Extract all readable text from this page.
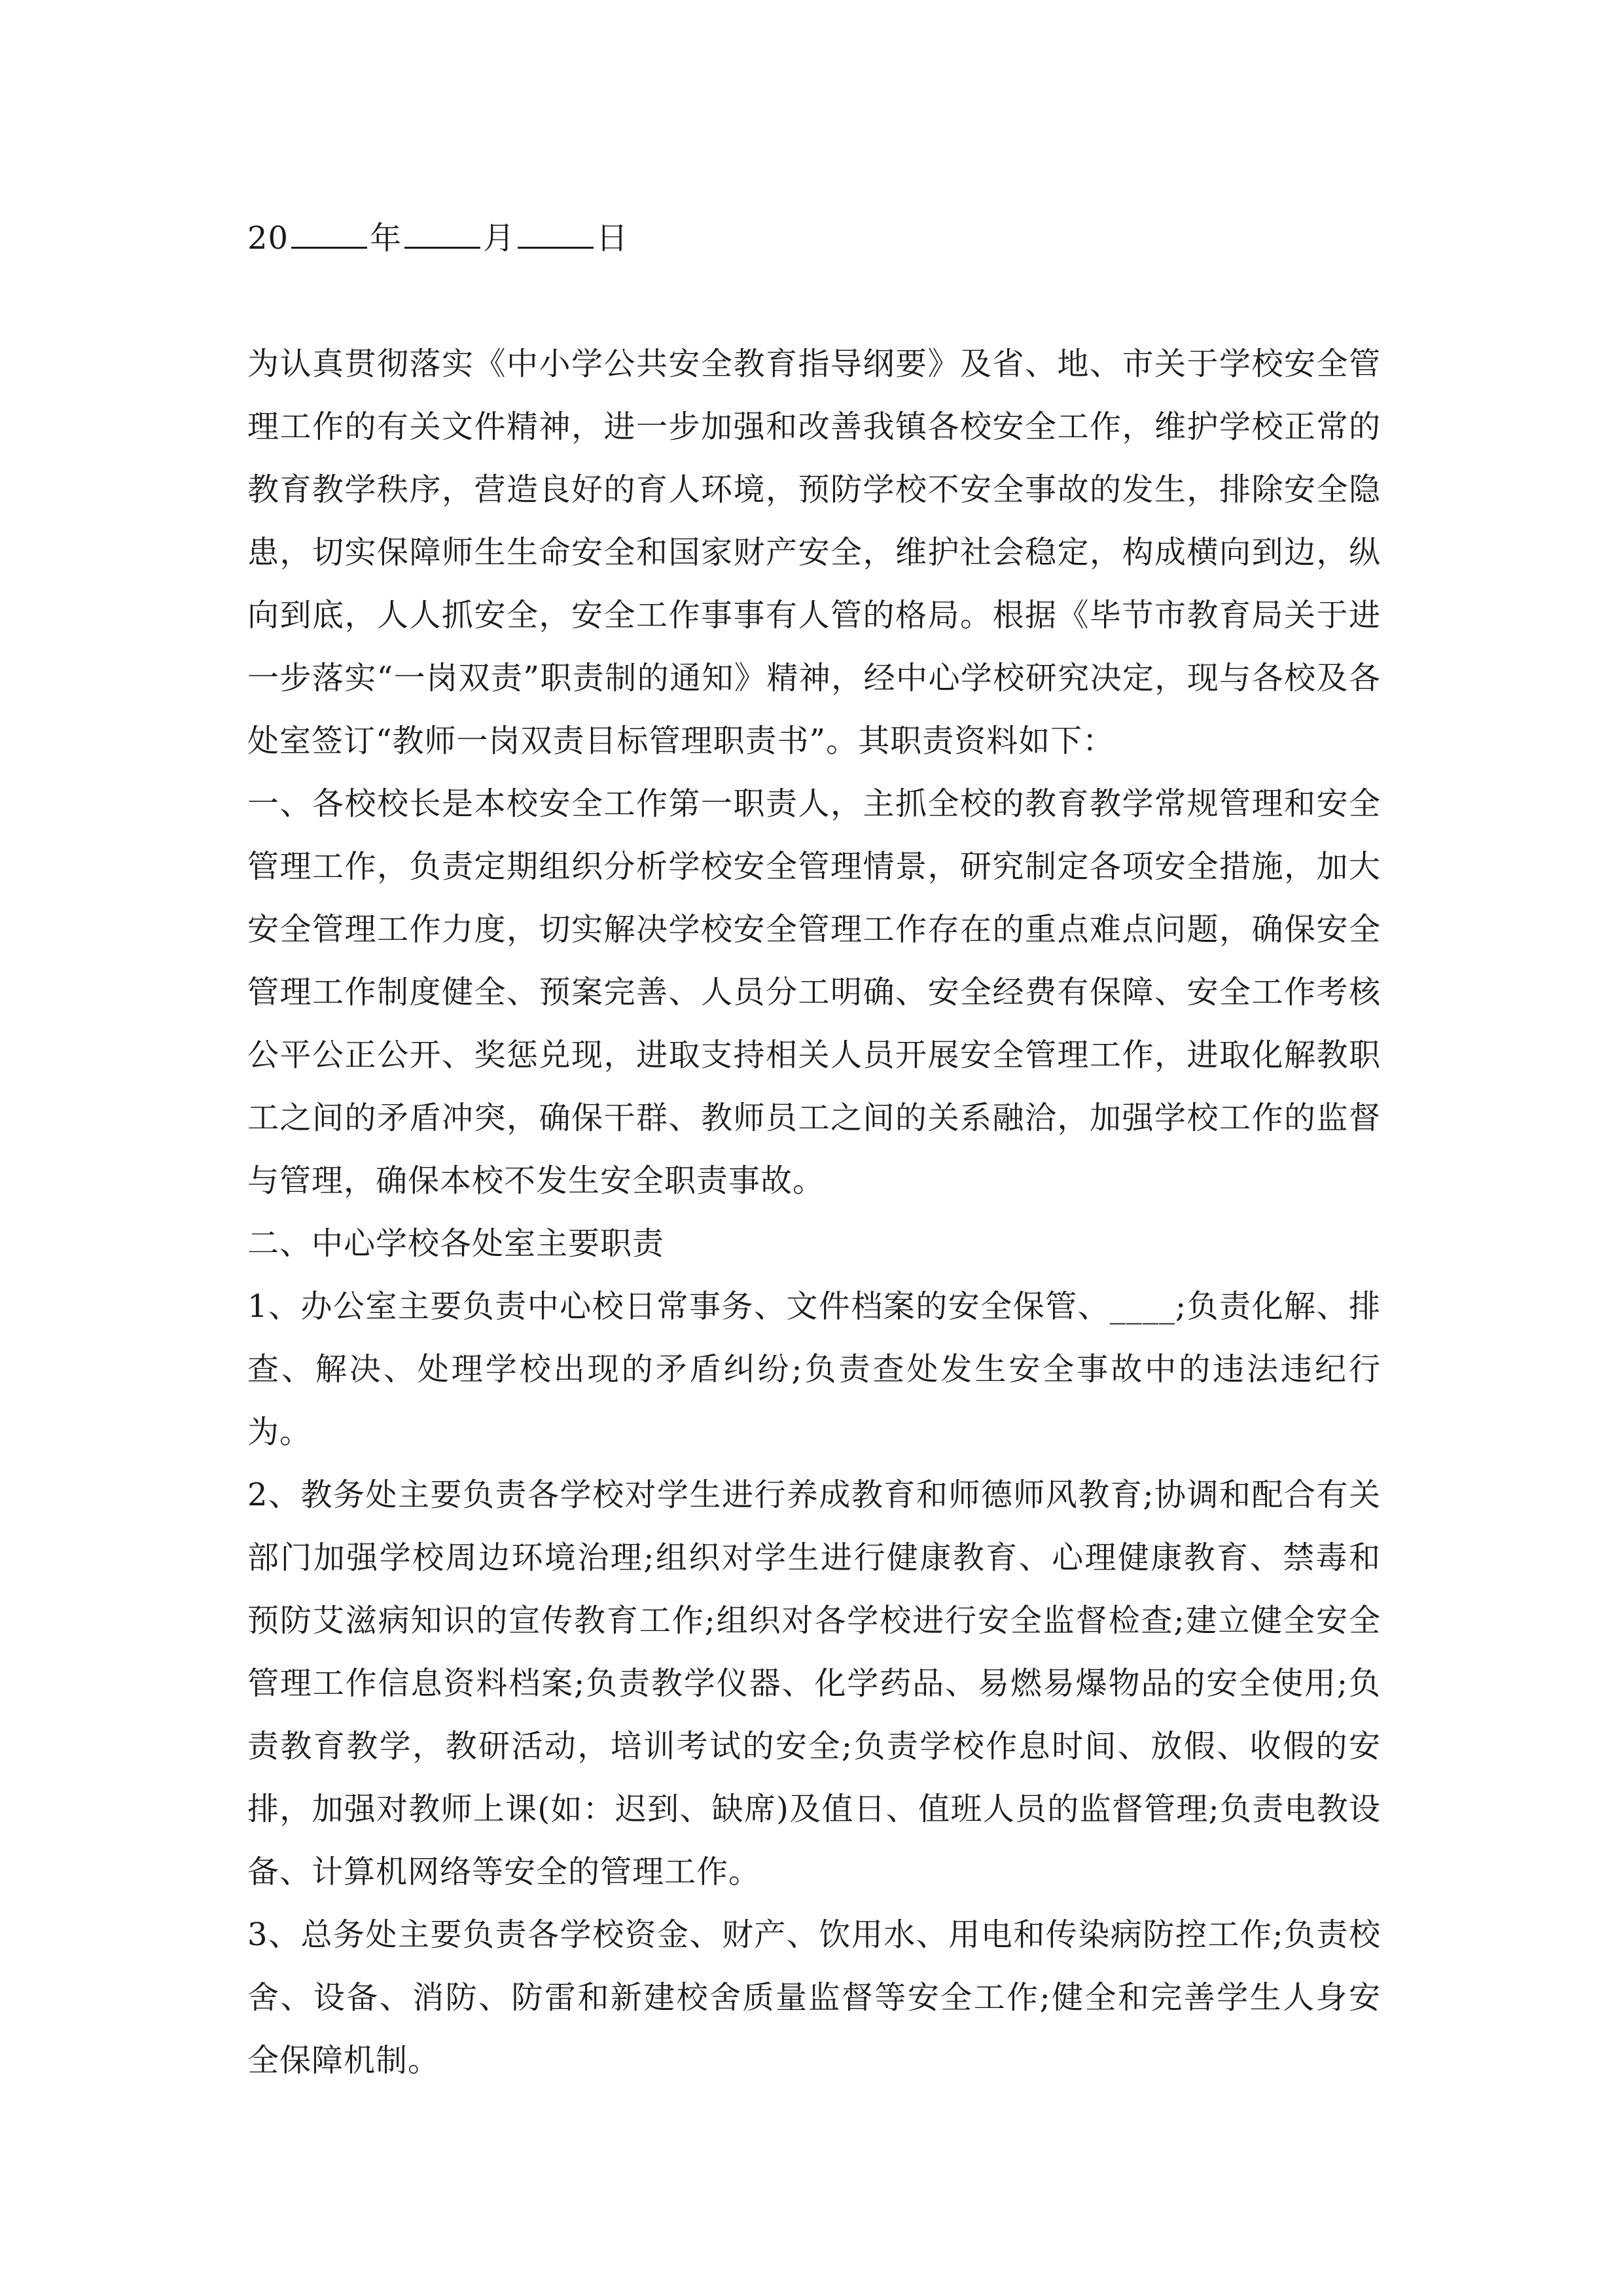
20	年	月	日

为认真贯彻落实《中小学公共安全教育指导纲要》及省、地、市关于学校安全管理工作的有关文件精神，进一步加强和改善我镇各校安全工作，维护学校正常的教育教学秩序，营造良好的育人环境，预防学校不安全事故的发生，排除安全隐患，切实保障师生生命安全和国家财产安全，维护社会稳定，构成横向到边，纵向到底，人人抓安全，安全工作事事有人管的格局。根据《毕节市教育局关于进一步落实“一岗双责”职责制的通知》精神，经中心学校研究决定，现与各校及各处室签订“教师一岗双责目标管理职责书”。其职责资料如下：

一、各校校长是本校安全工作第一职责人，主抓全校的教育教学常规管理和安全管理工作，负责定期组织分析学校安全管理情景，研究制定各项安全措施，加大安全管理工作力度，切实解决学校安全管理工作存在的重点难点问题，确保安全管理工作制度健全、预案完善、人员分工明确、安全经费有保障、安全工作考核公平公正公开、奖惩兑现，进取支持相关人员开展安全管理工作，进取化解教职工之间的矛盾冲突，确保干群、教师员工之间的关系融洽，加强学校工作的监督与管理，确保本校不发生安全职责事故。

二、中心学校各处室主要职责

1、办公室主要负责中心校日常事务、文件档案的安全保管、____;负责化解、排查、解决、处理学校出现的矛盾纠纷;负责查处发生安全事故中的违法违纪行为。

2、教务处主要负责各学校对学生进行养成教育和师德师风教育;协调和配合有关部门加强学校周边环境治理;组织对学生进行健康教育、心理健康教育、禁毒和预防艾滋病知识的宣传教育工作;组织对各学校进行安全监督检查;建立健全安全管理工作信息资料档案;负责教学仪器、化学药品、易燃易爆物品的安全使用;负责教育教学，教研活动，培训考试的安全;负责学校作息时间、放假、收假的安排，加强对教师上课(如：迟到、缺席)及值日、值班人员的监督管理;负责电教设备、计算机网络等安全的管理工作。

3、总务处主要负责各学校资金、财产、饮用水、用电和传染病防控工作;负责校舍、设备、消防、防雷和新建校舍质量监督等安全工作;健全和完善学生人身安全保障机制。
